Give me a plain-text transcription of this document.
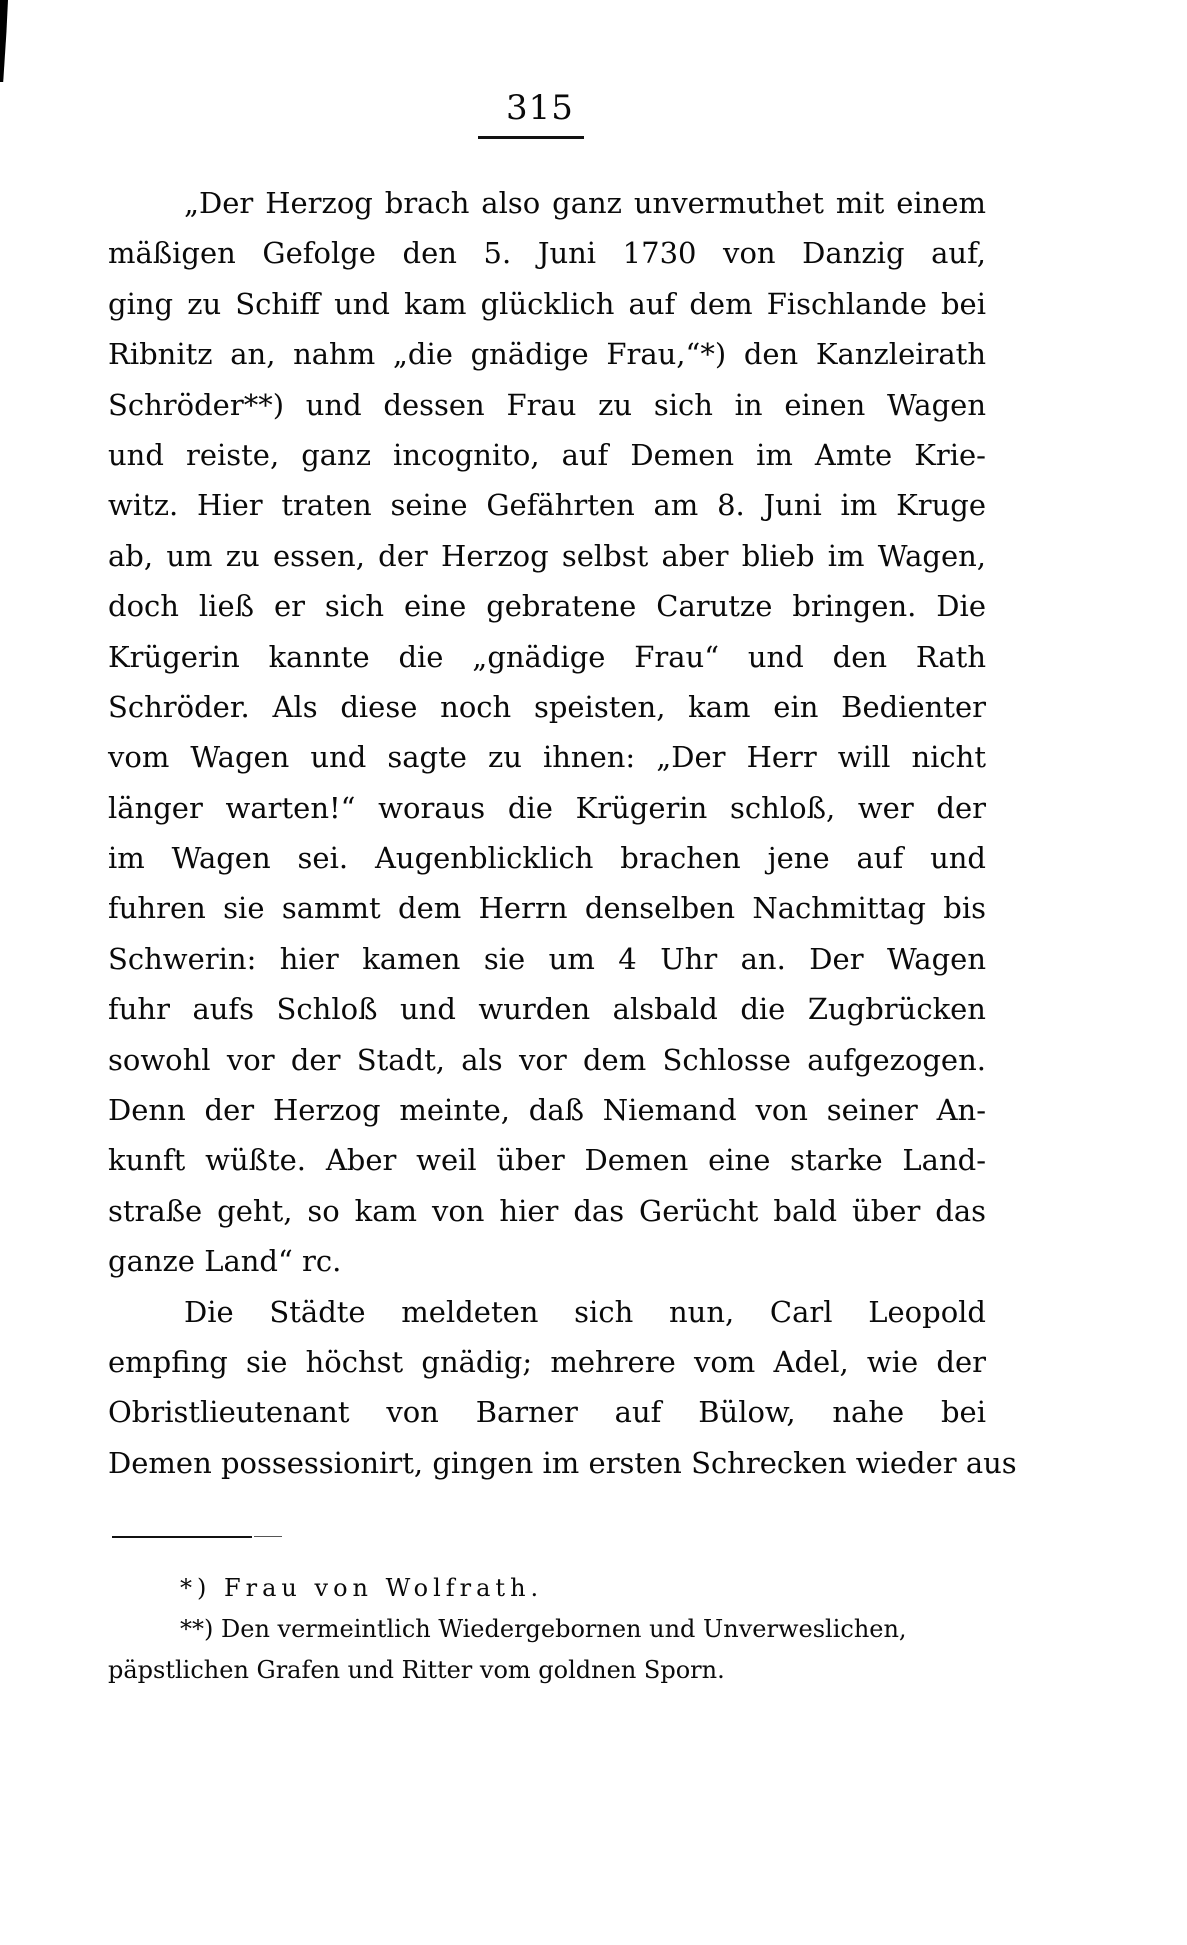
315
„Der Herzog brach also ganz unvermuthet mit einem
mäßigen Gefolge den 5. Juni 1730 von Danzig auf,
ging zu Schiff und kam glücklich auf dem Fischlande bei
Ribnitz an, nahm „die gnädige Frau,“*) den Kanzleirath
Schröder**) und dessen Frau zu sich in einen Wagen
und reiste, ganz incognito, auf Demen im Amte Krie-
witz. Hier traten seine Gefährten am 8. Juni im Kruge
ab, um zu essen, der Herzog selbst aber blieb im Wagen,
doch ließ er sich eine gebratene Carutze bringen. Die
Krügerin kannte die „gnädige Frau“ und den Rath
Schröder. Als diese noch speisten, kam ein Bedienter
vom Wagen und sagte zu ihnen: „Der Herr will nicht
länger warten!“ woraus die Krügerin schloß, wer der
im Wagen sei. Augenblicklich brachen jene auf und
fuhren sie sammt dem Herrn denselben Nachmittag bis
Schwerin: hier kamen sie um 4 Uhr an. Der Wagen
fuhr aufs Schloß und wurden alsbald die Zugbrücken
sowohl vor der Stadt, als vor dem Schlosse aufgezogen.
Denn der Herzog meinte, daß Niemand von seiner An-
kunft wüßte. Aber weil über Demen eine starke Land-
straße geht, so kam von hier das Gerücht bald über das
ganze Land“ rc.
Die Städte meldeten sich nun, Carl Leopold
empfing sie höchst gnädig; mehrere vom Adel, wie der
Obristlieutenant von Barner auf Bülow, nahe bei
Demen possessionirt, gingen im ersten Schrecken wieder aus
*) Frau von Wolfrath.
**) Den vermeintlich Wiedergebornen und Unverweslichen,
päpstlichen Grafen und Ritter vom goldnen Sporn.
